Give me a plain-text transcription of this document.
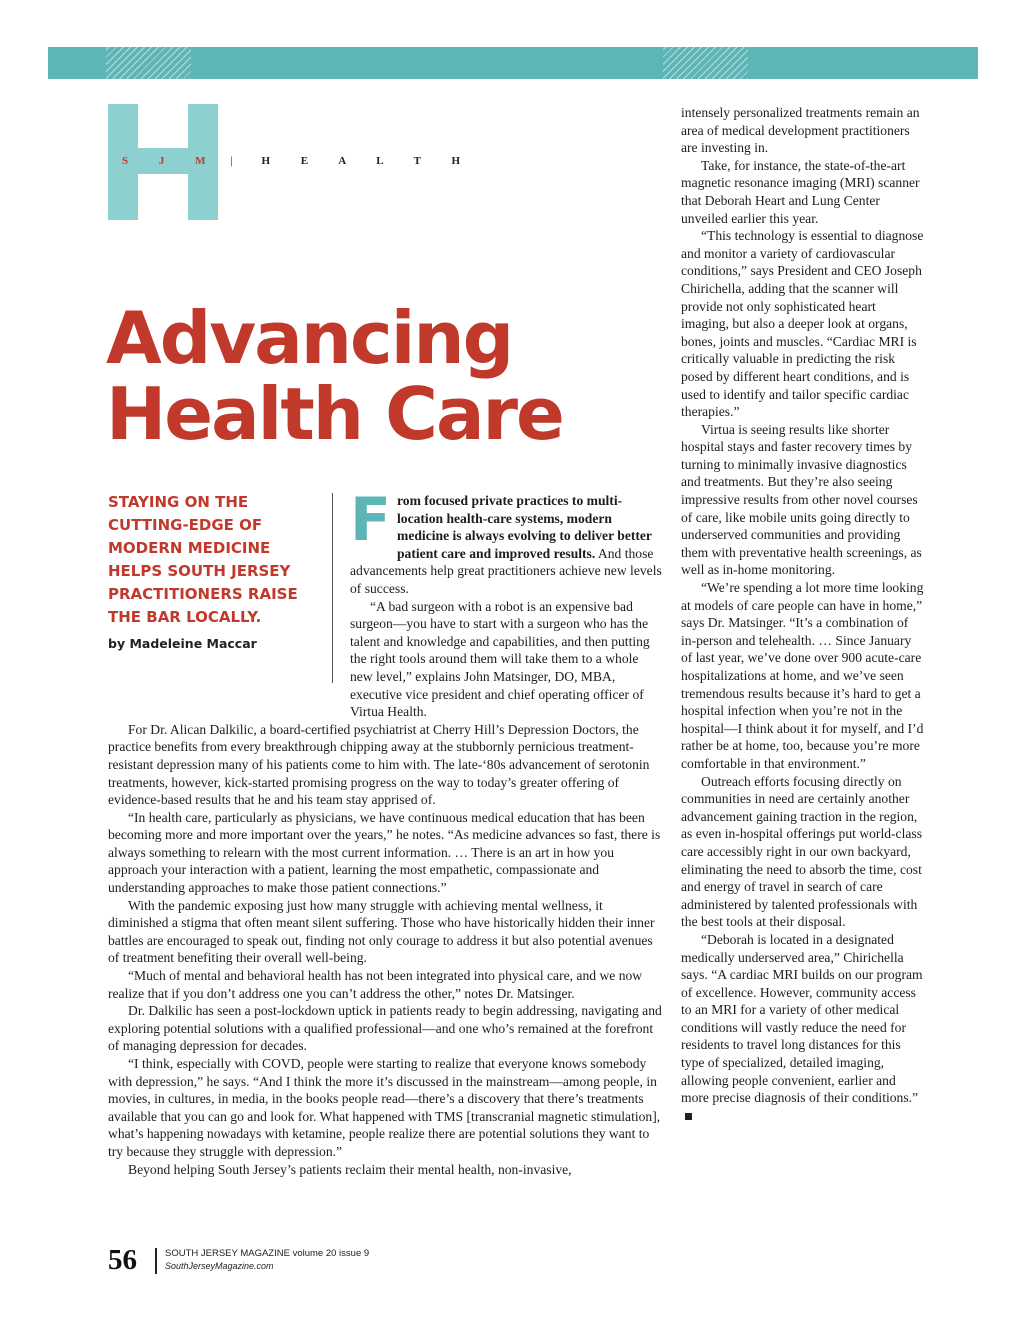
S J M |	H E A L T H
Advancing
Health Care
STAYING ON THE CUTTING-EDGE OF MODERN MEDICINE HELPS SOUTH JERSEY PRACTITIONERS RAISE THE BAR LOCALLY.
by Madeleine Maccar

From focused private practices to multi-location health-care systems, modern medicine is always evolving to deliver better patient care and improved results. And those advancements help great practitioners achieve new levels of success.

“A bad surgeon with a robot is an expensive bad surgeon—you have to start with a surgeon who has the talent and knowledge and capabilities, and then putting the right tools around them will take them to a whole new level,” explains John Matsinger, DO, MBA, executive vice president and chief operating officer of Virtua Health.

For Dr. Alican Dalkilic, a board-certified psychiatrist at Cherry Hill’s Depression Doctors, the practice benefits from every breakthrough chipping away at the stubbornly pernicious treatment-resistant depression many of his patients come to him with. The late-‘80s advancement of serotonin treatments, however, kick-started promising progress on the way to today’s greater offering of evidence-based results that he and his team stay apprised of.

“In health care, particularly as physicians, we have continuous medical education that has been becoming more and more important over the years,” he notes. “As medicine advances so fast, there is always something to relearn with the most current information. … There is an art in how you approach your interaction with a patient, learning the most empathetic, compassionate and understanding approaches to make those patient connections.”

With the pandemic exposing just how many struggle with achieving mental wellness, it diminished a stigma that often meant silent suffering. Those who have historically hidden their inner battles are encouraged to speak out, finding not only courage to address it but also potential avenues of treatment benefiting their overall well-being.

“Much of mental and behavioral health has not been integrated into physical care, and we now realize that if you don’t address one you can’t address the other,” notes Dr. Matsinger.

Dr. Dalkilic has seen a post-lockdown uptick in patients ready to begin addressing, navigating and exploring potential solutions with a qualified professional—and one who’s remained at the forefront of managing depression for decades.

“I think, especially with COVD, people were starting to realize that everyone knows somebody with depression,” he says. “And I think the more it’s discussed in the mainstream—among people, in movies, in cultures, in media, in the books people read—there’s a discovery that there’s treatments available that you can go and look for. What happened with TMS [transcranial magnetic stimulation], what’s happening nowadays with ketamine, people realize there are potential solutions they want to try because they struggle with depression.”

Beyond helping South Jersey’s patients reclaim their mental health, non-invasive,

intensely personalized treatments remain an area of medical development practitioners are investing in.

Take, for instance, the state-of-the-art magnetic resonance imaging (MRI) scanner that Deborah Heart and Lung Center unveiled earlier this year.

“This technology is essential to diagnose and monitor a variety of cardiovascular conditions,” says President and CEO Joseph Chirichella, adding that the scanner will provide not only sophisticated heart imaging, but also a deeper look at organs, bones, joints and muscles. “Cardiac MRI is critically valuable in predicting the risk posed by different heart conditions, and is used to identify and tailor specific cardiac therapies.”

Virtua is seeing results like shorter hospital stays and faster recovery times by turning to minimally invasive diagnostics and treatments. But they’re also seeing impressive results from other novel courses of care, like mobile units going directly to underserved communities and providing them with preventative health screenings, as well as in-home monitoring.

“We’re spending a lot more time looking at models of care people can have in home,” says Dr. Matsinger. “It’s a combination of in-person and telehealth. … Since January of last year, we’ve done over 900 acute-care hospitalizations at home, and we’ve seen tremendous results because it’s hard to get a hospital infection when you’re not in the hospital—I think about it for myself, and I’d rather be at home, too, because you’re more comfortable in that environment.”

Outreach efforts focusing directly on communities in need are certainly another advancement gaining traction in the region, as even in-hospital offerings put world-class care accessibly right in our own backyard, eliminating the need to absorb the time, cost and energy of travel in search of care administered by talented professionals with the best tools at their disposal.

“Deborah is located in a designated medically underserved area,” Chirichella says. “A cardiac MRI builds on our program of excellence. However, community access to an MRI for a variety of other medical conditions will vastly reduce the need for residents to travel long distances for this type of specialized, detailed imaging, allowing people convenient, earlier and more precise diagnosis of their conditions.”

56	SOUTH JERSEY MAGAZINE volume 20 issue 9
SouthJerseyMagazine.com
